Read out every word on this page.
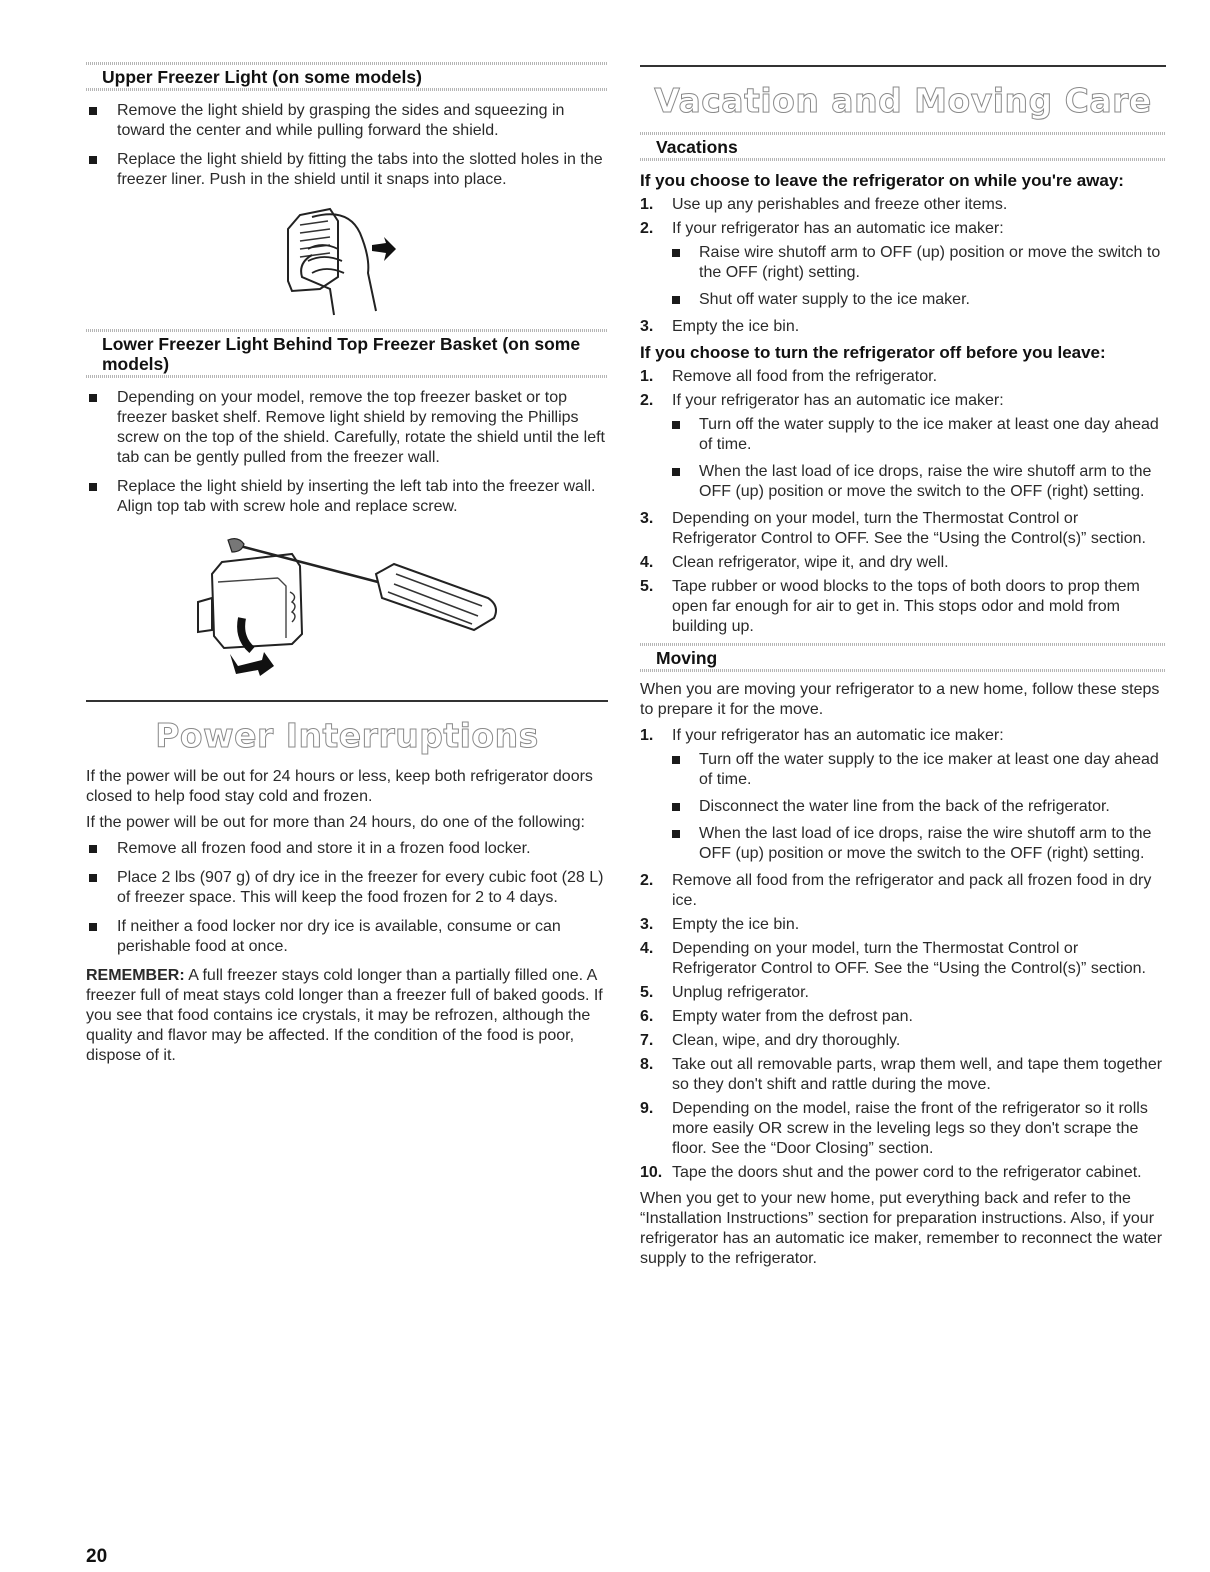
Upper Freezer Light (on some models)
Remove the light shield by grasping the sides and squeezing in toward the center and while pulling forward the shield.
Replace the light shield by fitting the tabs into the slotted holes in the freezer liner. Push in the shield until it snaps into place.
Lower Freezer Light Behind Top Freezer Basket (on some models)
Depending on your model, remove the top freezer basket or top freezer basket shelf. Remove light shield by removing the Phillips screw on the top of the shield. Carefully, rotate the shield until the left tab can be gently pulled from the freezer wall.
Replace the light shield by inserting the left tab into the freezer wall. Align top tab with screw hole and replace screw.
Power Interruptions

If the power will be out for 24 hours or less, keep both refrigerator doors closed to help food stay cold and frozen.

If the power will be out for more than 24 hours, do one of the following:

Remove all frozen food and store it in a frozen food locker.
Place 2 lbs (907 g) of dry ice in the freezer for every cubic foot (28 L) of freezer space. This will keep the food frozen for 2 to 4 days.
If neither a food locker nor dry ice is available, consume or can perishable food at once.

REMEMBER: A full freezer stays cold longer than a partially filled one. A freezer full of meat stays cold longer than a freezer full of baked goods. If you see that food contains ice crystals, it may be refrozen, although the quality and flavor may be affected. If the condition of the food is poor, dispose of it.

Vacation and Moving Care
Vacations

If you choose to leave the refrigerator on while you're away:

1. Use up any perishables and freeze other items.
2. If your refrigerator has an automatic ice maker:
Raise wire shutoff arm to OFF (up) position or move the switch to the OFF (right) setting.
Shut off water supply to the ice maker.
3. Empty the ice bin.

If you choose to turn the refrigerator off before you leave:

1. Remove all food from the refrigerator.
2. If your refrigerator has an automatic ice maker:
Turn off the water supply to the ice maker at least one day ahead of time.
When the last load of ice drops, raise the wire shutoff arm to the OFF (up) position or move the switch to the OFF (right) setting.
3. Depending on your model, turn the Thermostat Control or Refrigerator Control to OFF. See the “Using the Control(s)” section.
4. Clean refrigerator, wipe it, and dry well.
5. Tape rubber or wood blocks to the tops of both doors to prop them open far enough for air to get in. This stops odor and mold from building up.
Moving

When you are moving your refrigerator to a new home, follow these steps to prepare it for the move.

1. If your refrigerator has an automatic ice maker:
Turn off the water supply to the ice maker at least one day ahead of time.
Disconnect the water line from the back of the refrigerator.
When the last load of ice drops, raise the wire shutoff arm to the OFF (up) position or move the switch to the OFF (right) setting.
2. Remove all food from the refrigerator and pack all frozen food in dry ice.
3. Empty the ice bin.
4. Depending on your model, turn the Thermostat Control or Refrigerator Control to OFF. See the “Using the Control(s)” section.
5. Unplug refrigerator.
6. Empty water from the defrost pan.
7. Clean, wipe, and dry thoroughly.
8. Take out all removable parts, wrap them well, and tape them together so they don't shift and rattle during the move.
9. Depending on the model, raise the front of the refrigerator so it rolls more easily OR screw in the leveling legs so they don't scrape the floor. See the “Door Closing” section.
10. Tape the doors shut and the power cord to the refrigerator cabinet.

When you get to your new home, put everything back and refer to the “Installation Instructions” section for preparation instructions. Also, if your refrigerator has an automatic ice maker, remember to reconnect the water supply to the refrigerator.

20
